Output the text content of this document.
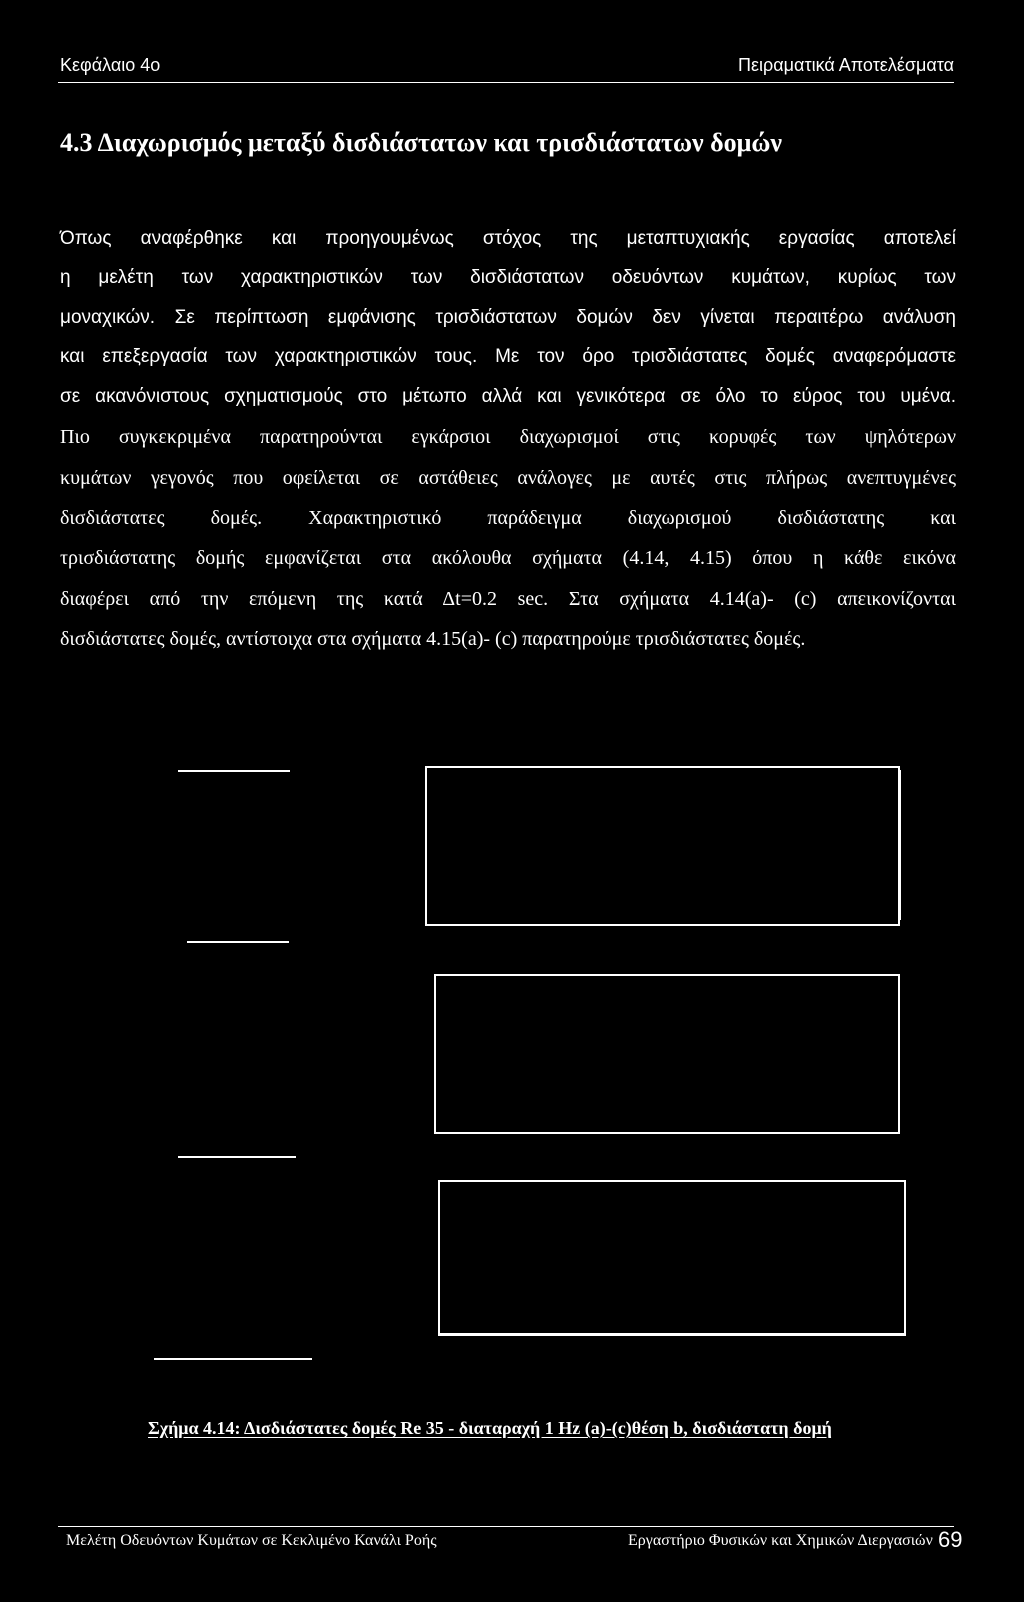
Κεφάλαιο 4ο	Πειραματικά Αποτελέσματα
4.3 Διαχωρισμός μεταξύ δισδιάστατων και τρισδιάστατων δομών
Όπως αναφέρθηκε και προηγουμένως στόχος της μεταπτυχιακής εργασίας αποτελεί
η μελέτη των χαρακτηριστικών των δισδιάστατων οδευόντων κυμάτων, κυρίως των
μοναχικών. Σε περίπτωση εμφάνισης τρισδιάστατων δομών δεν γίνεται περαιτέρω ανάλυση
και επεξεργασία των χαρακτηριστικών τους. Με τον όρο τρισδιάστατες δομές αναφερόμαστε
σε ακανόνιστους σχηματισμούς στο μέτωπο αλλά και γενικότερα σε όλο το εύρος του υμένα.
Πιο συγκεκριμένα παρατηρούνται εγκάρσιοι διαχωρισμοί στις κορυφές των ψηλότερων
κυμάτων γεγονός που οφείλεται σε αστάθειες ανάλογες με αυτές στις πλήρως ανεπτυγμένες
δισδιάστατες δομές. Χαρακτηριστικό παράδειγμα διαχωρισμού δισδιάστατης και
τρισδιάστατης δομής εμφανίζεται στα ακόλουθα σχήματα (4.14, 4.15) όπου η κάθε εικόνα
διαφέρει από την επόμενη της κατά Δt=0.2 sec. Στα σχήματα 4.14(a)- (c) απεικονίζονται
δισδιάστατες δομές, αντίστοιχα στα σχήματα 4.15(a)- (c) παρατηρούμε τρισδιάστατες δομές.
Σχήμα 4.14: Δισδιάστατες δομές Re 35 - διαταραχή 1 Hz (a)-(c)θέση b, δισδιάστατη δομή
Μελέτη Οδευόντων Κυμάτων σε Κεκλιμένο Κανάλι Ροής	Εργαστήριο Φυσικών και Χημικών Διεργασιών 69
